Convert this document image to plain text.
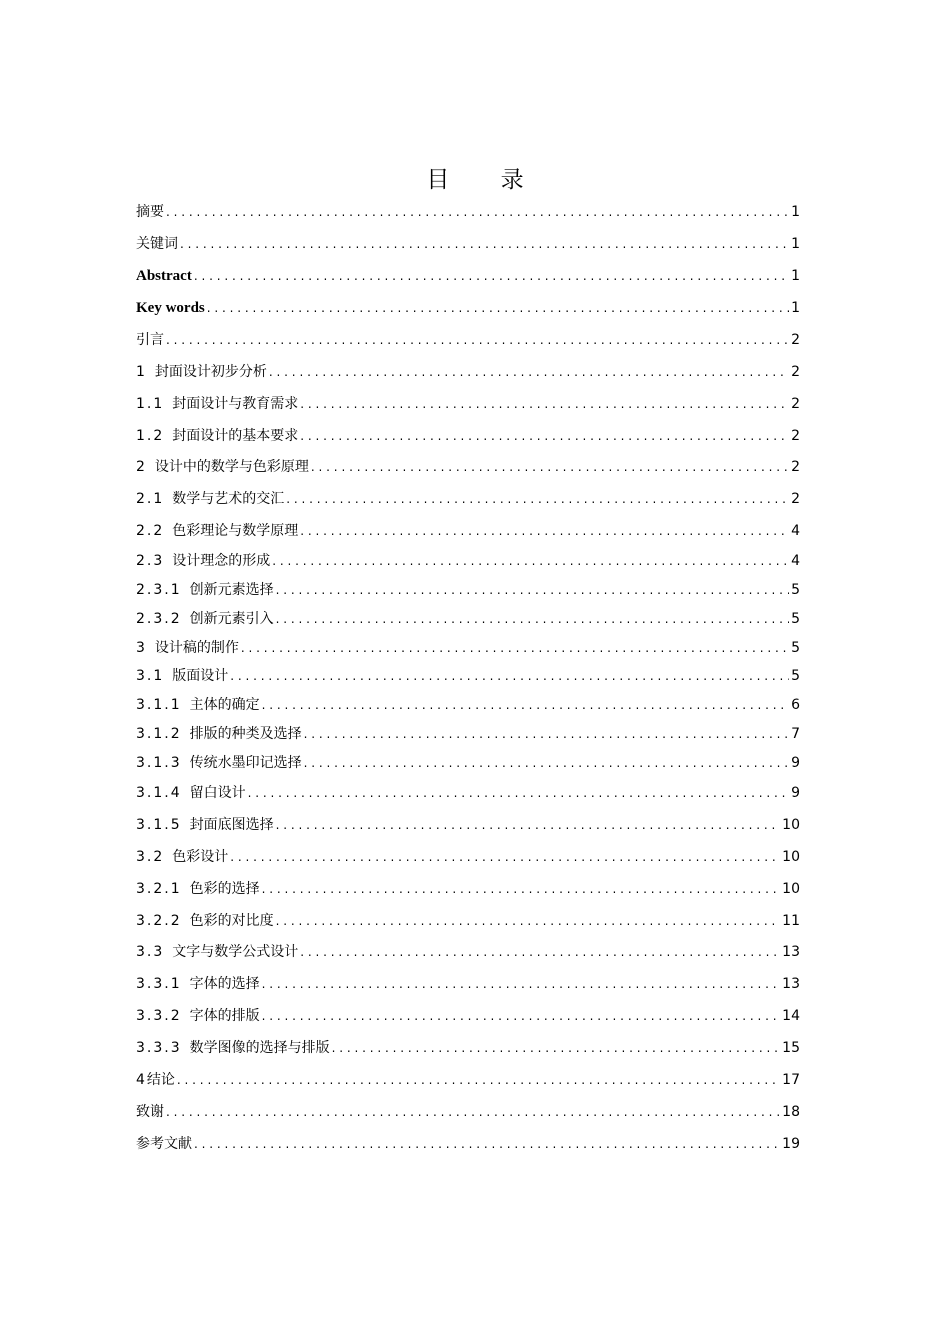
目 录
摘要 . . .	1
关键词 . . .	1
Abstract . . .	1
Key words . . .	1
引言 . . .	2
1 封面设计初步分析 . . .	2
1.1 封面设计与教育需求 . . .	2
1.2 封面设计的基本要求 . . .	2
2 设计中的数学与色彩原理 . . .	2
2.1 数学与艺术的交汇 . . .	2
2.2 色彩理论与数学原理 . . .	4
2.3 设计理念的形成 . . .	4
2.3.1 创新元素选择 . . .	5
2.3.2 创新元素引入 . . .	5
3 设计稿的制作 . . .	5
3.1 版面设计 . . .	5
3.1.1 主体的确定 . . .	6
3.1.2 排版的种类及选择 . . .	7
3.1.3 传统水墨印记选择 . . .	9
3.1.4 留白设计 . . .	9
3.1.5 封面底图选择 . . .	10
3.2 色彩设计 . . .	10
3.2.1 色彩的选择 . . .	10
3.2.2 色彩的对比度 . . .	11
3.3 文字与数学公式设计 . . .	13
3.3.1 字体的选择 . . .	13
3.3.2 字体的排版 . . .	14
3.3.3 数学图像的选择与排版 . . .	15
4结论 . . .	17
致谢 . . .	18
参考文献 . . .	19
